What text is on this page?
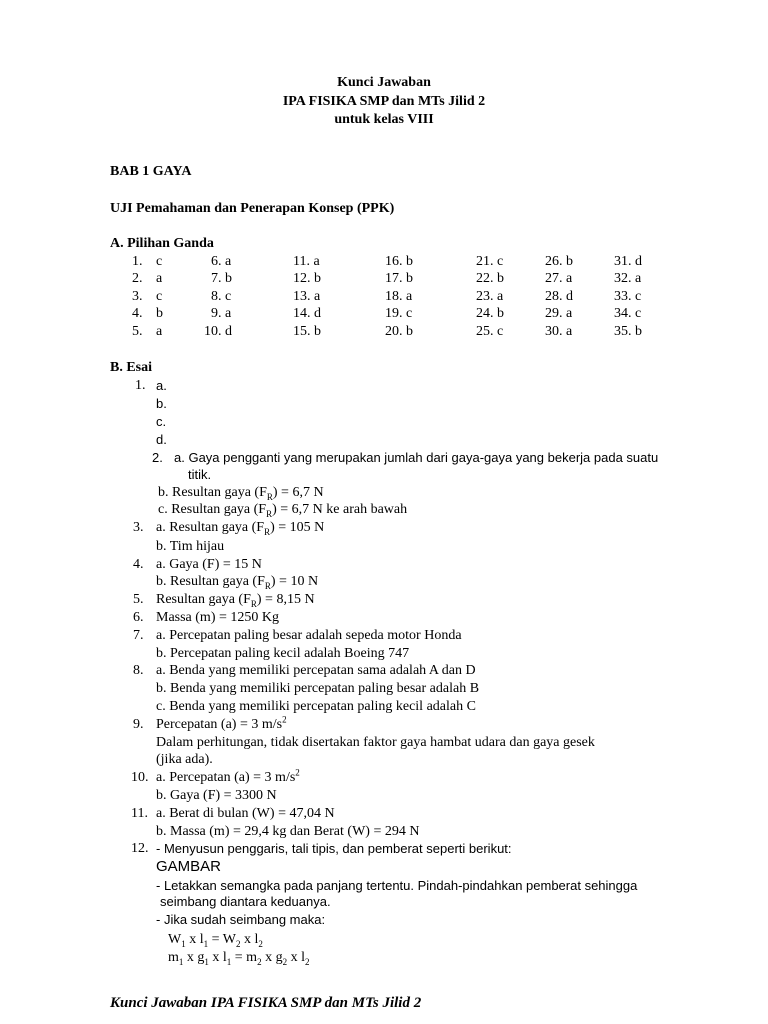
Kunci Jawaban
IPA FISIKA SMP dan MTs Jilid 2
untuk kelas VIII
BAB 1 GAYA
UJI Pemahaman dan Penerapan Konsep (PPK)
A. Pilihan Ganda
1. c
2. a
3. c
4. b
5. a
6. a
7. b
8. c
9. a
10. d
11. a
12. b
13. a
14. d
15. b
16. b
17. b
18. a
19. c
20. b
21. c
22. b
23. a
24. b
25. c
26. b
27. a
28. d
29. a
30. a
31. d
32. a
33. c
34. c
35. b
B. Esai
1. a.
b.
c.
d.
2. a. Gaya pengganti yang merupakan jumlah dari gaya-gaya yang bekerja pada suatu
titik.
b. Resultan gaya $(F_R) = 6,7$ N
c. Resultan gaya $(F_R) = 6,7$ N ke arah bawah
3. a. Resultan gaya $(F_R) = 105$ N
b. Tim hijau
4. a. Gaya (F) = 15 N
b. Resultan gaya $(F_R) = 10$ N
5. Resultan gaya $(F_R) = 8,15$ N
6. Massa (m) = 1250 Kg
7. a. Percepatan paling besar adalah sepeda motor Honda
b. Percepatan paling kecil adalah Boeing 747
8. a. Benda yang memiliki percepatan sama adalah A dan D
b. Benda yang memiliki percepatan paling besar adalah B
c. Benda yang memiliki percepatan paling kecil adalah C
9. Percepatan (a) = 3 $m/s^2$
Dalam perhitungan, tidak disertakan faktor gaya hambat udara dan gaya gesek
(jika ada).
10. a. Percepatan (a) = 3 $m/s^2$
b. Gaya (F) = 3300 N
11. a. Berat di bulan (W) = 47,04 N
b. Massa (m) = 29,4 kg dan Berat (W) = 294 N
12. - Menyusun penggaris, tali tipis, dan pemberat seperti berikut:
GAMBAR
- Letakkan semangka pada panjang tertentu. Pindah-pindahkan pemberat sehingga
seimbang diantara keduanya.
- Jika sudah seimbang maka:
$W_1$ x $l_1 = W_2$ x $l_2$
$m_1$ x $g_1$ x $l_1 = m_2$ x $g_2$ x $l_2$
Kunci Jawaban IPA FISIKA SMP dan MTs Jilid 2
